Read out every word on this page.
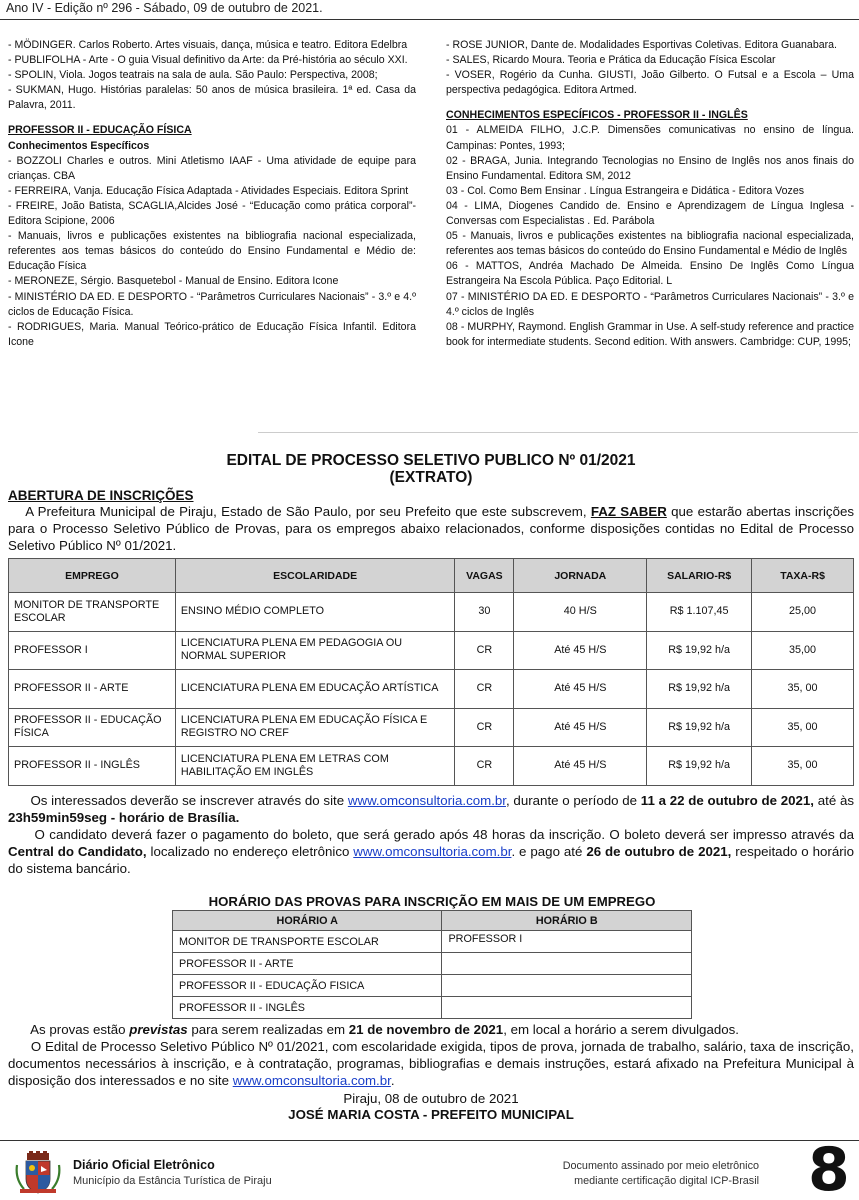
Ano IV - Edição nº 296 - Sábado, 09 de outubro de 2021.

- MÖDINGER. Carlos Roberto. Artes visuais, dança, música e teatro. Editora Edelbra

- PUBLIFOLHA - Arte - O guia Visual definitivo da Arte: da Pré-história ao século XXI.

- SPOLIN, Viola. Jogos teatrais na sala de aula. São Paulo: Perspectiva, 2008;

- SUKMAN, Hugo. Histórias paralelas: 50 anos de música brasileira. 1ª ed. Casa da Palavra, 2011.

PROFESSOR II - EDUCAÇÃO FÍSICA

Conhecimentos Específicos

- BOZZOLI Charles e outros. Mini Atletismo IAAF - Uma atividade de equipe para crianças. CBA

- FERREIRA, Vanja. Educação Física Adaptada - Atividades Especiais. Editora Sprint

- FREIRE, João Batista, SCAGLIA,Alcides José - “Educação como prática corporal”- Editora Scipione, 2006

- Manuais, livros e publicações existentes na bibliografia nacional especializada, referentes aos temas básicos do conteúdo do Ensino Fundamental e Médio de: Educação Física

- MERONEZE, Sérgio. Basquetebol - Manual de Ensino. Editora Icone

- MINISTÉRIO DA ED. E DESPORTO - “Parâmetros Curriculares Nacionais” - 3.º e 4.º ciclos de Educação Física.

- RODRIGUES, Maria. Manual Teórico-prático de Educação Física Infantil. Editora Icone

- ROSE JUNIOR, Dante de. Modalidades Esportivas Coletivas. Editora Guanabara.

- SALES, Ricardo Moura. Teoria e Prática da Educação Física Escolar

- VOSER, Rogério da Cunha. GIUSTI, João Gilberto. O Futsal e a Escola – Uma perspectiva pedagógica. Editora Artmed.

CONHECIMENTOS ESPECÍFICOS - PROFESSOR II - INGLÊS

01 - ALMEIDA FILHO, J.C.P. Dimensões comunicativas no ensino de língua. Campinas: Pontes, 1993;

02 - BRAGA, Junia. Integrando Tecnologias no Ensino de Inglês nos anos finais do Ensino Fundamental. Editora SM, 2012

03 - Col. Como Bem Ensinar . Língua Estrangeira e Didática - Editora Vozes

04 - LIMA, Diogenes Candido de. Ensino e Aprendizagem de Língua Inglesa - Conversas com Especialistas . Ed. Parábola

05 - Manuais, livros e publicações existentes na bibliografia nacional especializada, referentes aos temas básicos do conteúdo do Ensino Fundamental e Médio de Inglês

06 - MATTOS, Andréa Machado De Almeida. Ensino De Inglês Como Língua Estrangeira Na Escola Pública. Paço Editorial. L

07 - MINISTÉRIO DA ED. E DESPORTO - “Parâmetros Curriculares Nacionais” - 3.º e 4.º ciclos de Inglês

08 - MURPHY, Raymond. English Grammar in Use. A self-study reference and practice book for intermediate students. Second edition. With answers. Cambridge: CUP, 1995;

EDITAL DE PROCESSO SELETIVO PUBLICO Nº 01/2021
(EXTRATO)
ABERTURA DE INSCRIÇÕES
A Prefeitura Municipal de Piraju, Estado de São Paulo, por seu Prefeito que este subscrevem, FAZ SABER que estarão abertas inscrições para o Processo Seletivo Público de Provas, para os empregos abaixo relacionados, conforme disposições contidas no Edital de Processo Seletivo Público Nº 01/2021.
EMPREGO	ESCOLARIDADE	VAGAS	JORNADA	SALARIO-R$	TAXA-R$
MONITOR DE TRANSPORTE ESCOLAR	ENSINO MÉDIO COMPLETO	30	40 H/S	R$ 1.107,45	25,00
PROFESSOR I	LICENCIATURA PLENA EM PEDAGOGIA OU NORMAL SUPERIOR	CR	Até 45 H/S	R$ 19,92 h/a	35,00
PROFESSOR II - ARTE	LICENCIATURA PLENA EM EDUCAÇÃO ARTÍSTICA	CR	Até 45 H/S	R$ 19,92 h/a	35, 00
PROFESSOR II - EDUCAÇÃO FÍSICA	LICENCIATURA PLENA EM EDUCAÇÃO FÍSICA E REGISTRO NO CREF	CR	Até 45 H/S	R$ 19,92 h/a	35, 00
PROFESSOR II - INGLÊS	LICENCIATURA PLENA EM LETRAS COM HABILITAÇÃO EM INGLÊS	CR	Até 45 H/S	R$ 19,92 h/a	35, 00
Os interessados deverão se inscrever através do site www.omconsultoria.com.br, durante o período de 11 a 22 de outubro de 2021, até às 23h59min59seg - horário de Brasília.
O candidato deverá fazer o pagamento do boleto, que será gerado após 48 horas da inscrição. O boleto deverá ser impresso através da Central do Candidato, localizado no endereço eletrônico www.omconsultoria.com.br. e pago até 26 de outubro de 2021, respeitado o horário do sistema bancário.
HORÁRIO DAS PROVAS PARA INSCRIÇÃO EM MAIS DE UM EMPREGO
HORÁRIO A	HORÁRIO B
MONITOR DE TRANSPORTE ESCOLAR	PROFESSOR I
PROFESSOR II - ARTE	
PROFESSOR II - EDUCAÇÃO FISICA	
PROFESSOR II - INGLÊS	
As provas estão previstas para serem realizadas em 21 de novembro de 2021, em local a horário a serem divulgados.
O Edital de Processo Seletivo Público Nº 01/2021, com escolaridade exigida, tipos de prova, jornada de trabalho, salário, taxa de inscrição, documentos necessários à inscrição, e à contratação, programas, bibliografias e demais instruções, estará afixado na Prefeitura Municipal à disposição dos interessados e no site www.omconsultoria.com.br.
Piraju, 08 de outubro de 2021
JOSÉ MARIA COSTA - PREFEITO MUNICIPAL
Diário Oficial Eletrônico
Município da Estância Turística de Piraju
Documento assinado por meio eletrônico
mediante certificação digital ICP-Brasil 8
